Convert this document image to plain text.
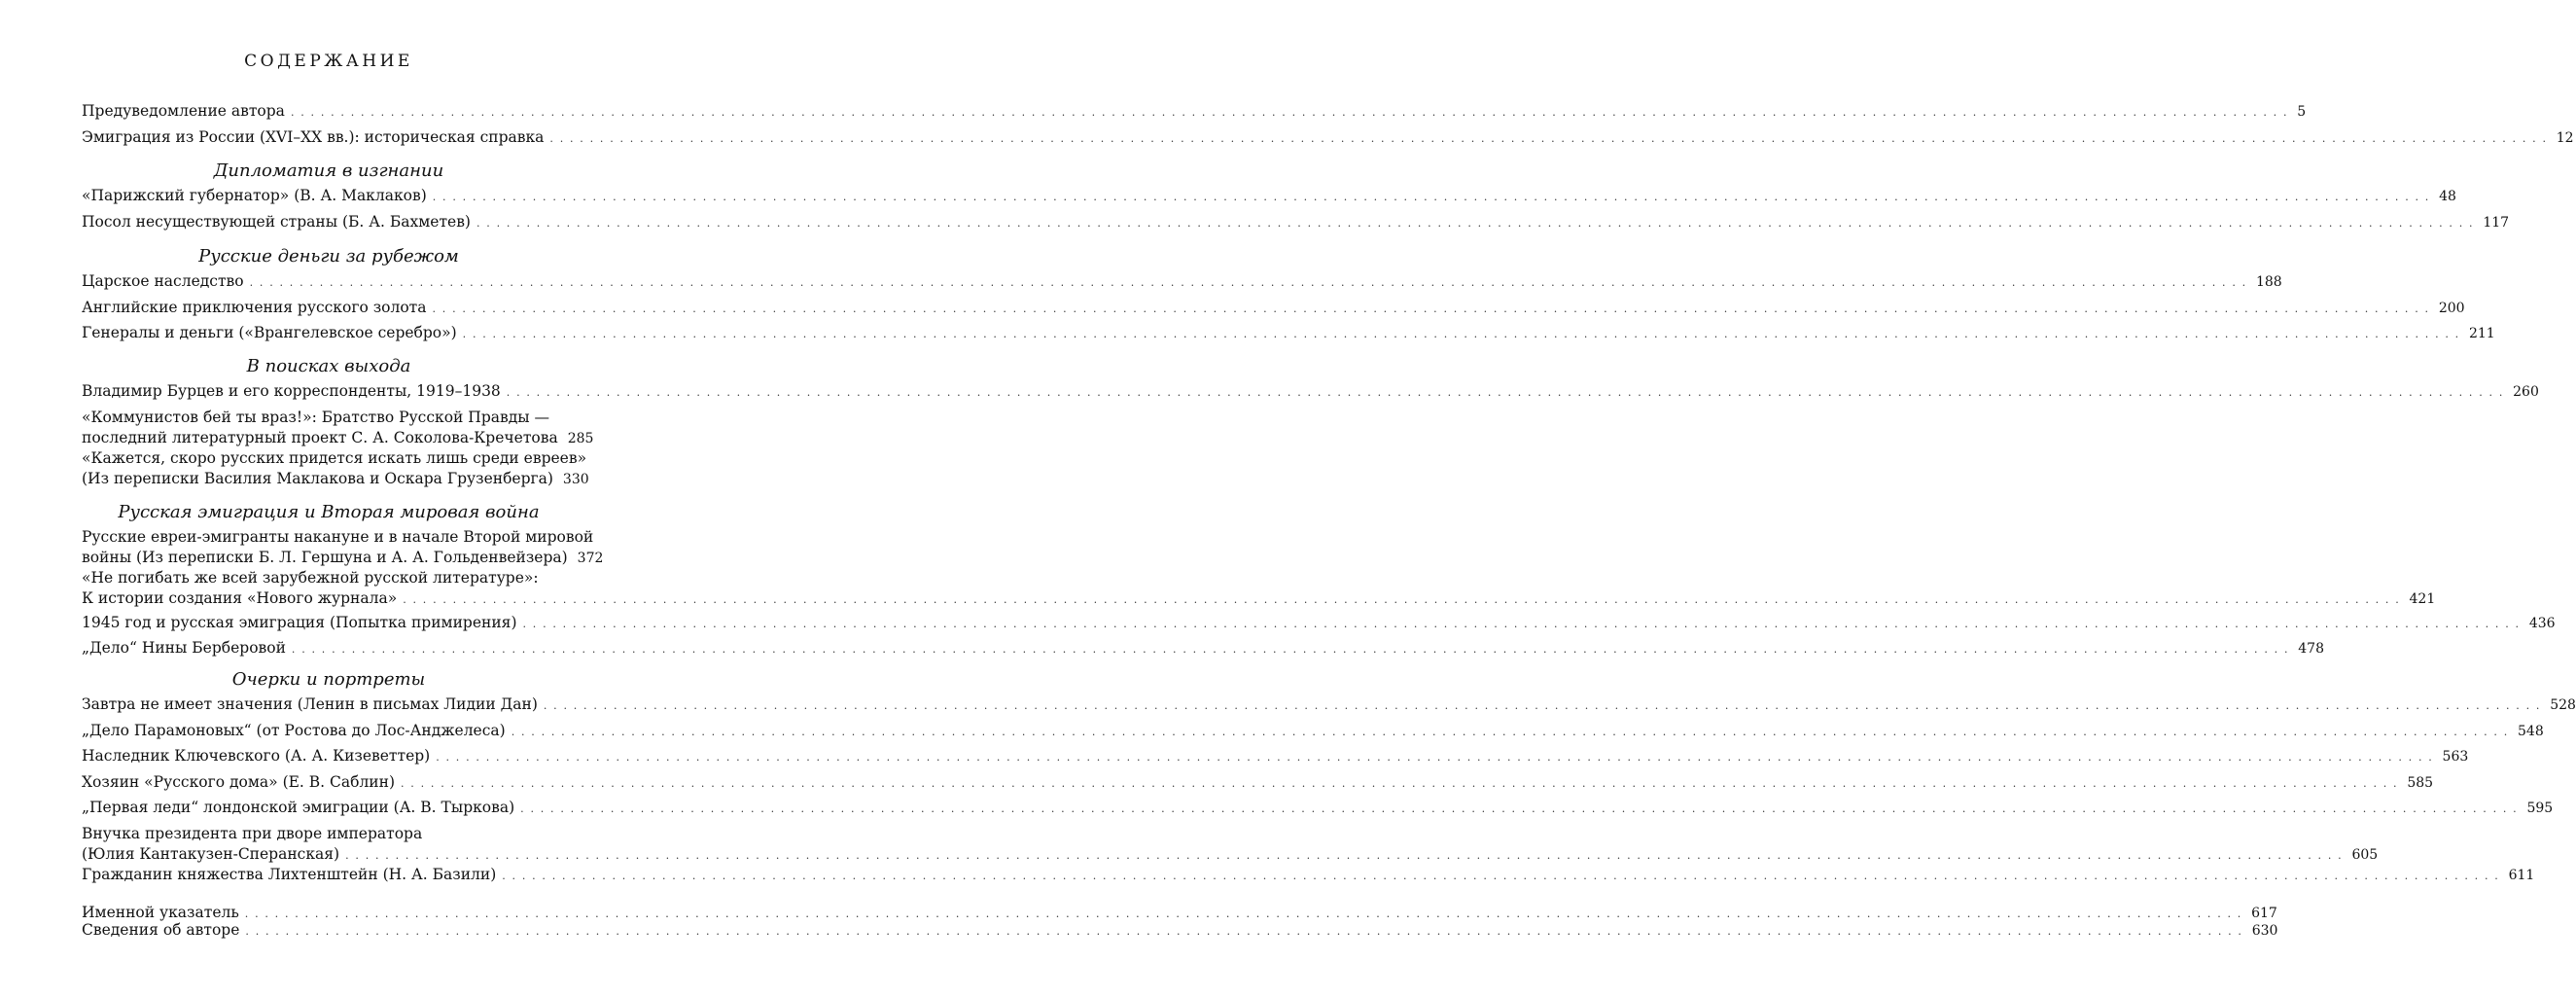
СОДЕРЖАНИЕ
Предуведомление автора ........................................................................................................................................................................................................ 5
Эмиграция из России (XVI–XX вв.): историческая справка ........................................................................................................................................................................................................ 12
Дипломатия в изгнании
«Парижский губернатор» (В. А. Маклаков) ........................................................................................................................................................................................................ 48
Посол несуществующей страны (Б. А. Бахметев) ........................................................................................................................................................................................................ 117
Русские деньги за рубежом
Царское наследство ........................................................................................................................................................................................................ 188
Английские приключения русского золота ........................................................................................................................................................................................................ 200
Генералы и деньги («Врангелевское серебро») ........................................................................................................................................................................................................ 211
В поисках выхода
Владимир Бурцев и его корреспонденты, 1919–1938 ........................................................................................................................................................................................................ 260
«Коммунистов бей ты враз!»: Братство Русской Правды —
последний литературный проект С. А. Соколова-Кречетова 285
«Кажется, скоро русских придется искать лишь среди евреев»
(Из переписки Василия Маклакова и Оскара Грузенберга) 330
Русская эмиграция и Вторая мировая война
Русские евреи-эмигранты накануне и в начале Второй мировой
войны (Из переписки Б. Л. Гершуна и А. А. Гольденвейзера) 372
«Не погибать же всей зарубежной русской литературе»:
К истории создания «Нового журнала» ........................................................................................................................................................................................................ 421
1945 год и русская эмиграция (Попытка примирения) ........................................................................................................................................................................................................ 436
„Дело“ Нины Берберовой ........................................................................................................................................................................................................ 478
Очерки и портреты
Завтра не имеет значения (Ленин в письмах Лидии Дан) ........................................................................................................................................................................................................ 528
„Дело Парамоновых“ (от Ростова до Лос-Анджелеса) ........................................................................................................................................................................................................ 548
Наследник Ключевского (А. А. Кизеветтер) ........................................................................................................................................................................................................ 563
Хозяин «Русского дома» (Е. В. Саблин) ........................................................................................................................................................................................................ 585
„Первая леди“ лондонской эмиграции (А. В. Тыркова) ........................................................................................................................................................................................................ 595
Внучка президента при дворе императора
(Юлия Кантакузен-Сперанская) ........................................................................................................................................................................................................ 605
Гражданин княжества Лихтенштейн (Н. А. Базили) ........................................................................................................................................................................................................ 611
Именной указатель ........................................................................................................................................................................................................ 617
Сведения об авторе ........................................................................................................................................................................................................ 630
